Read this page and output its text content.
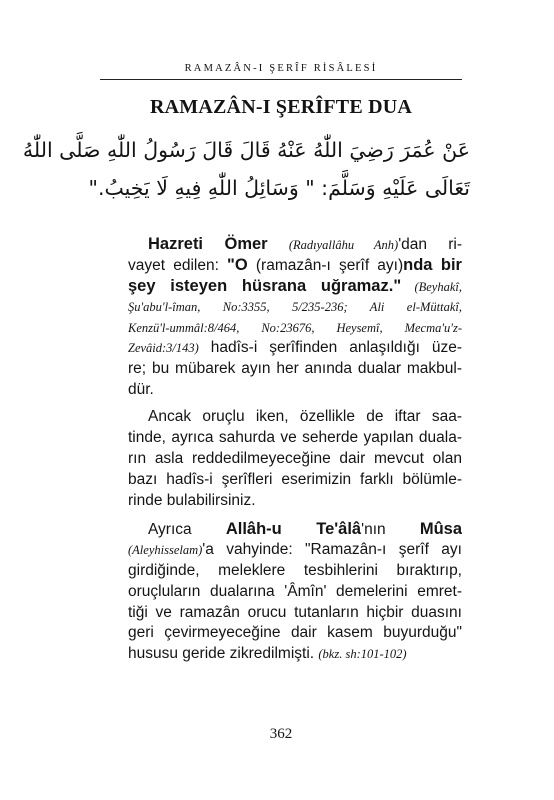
RAMAZÂN-I ŞERÎF RİSÂLESİ
RAMAZÂN-I ŞERÎFTE DUA
عَنْ عُمَرَ رَضِيَ اللّٰهُ عَنْهُ قَالَ قَالَ رَسُولُ اللّٰهِ صَلَّى اللّٰهُ
تَعَالَى عَلَيْهِ وَسَلَّمَ: " وَسَائِلُ اللّٰهِ فِيهِ لَا يَخِيبُ."
Hazreti Ömer (Radıyallâhu Anh)'dan ri-
vayet edilen: "O (ramazân-ı şerîf ayı)nda bir
şey isteyen hüsrana uğramaz." (Beyhakî,
Şu'abu'l-îman, No:3355, 5/235-236; Ali el-Müttakî,
Kenzü'l-ummâl:8/464, No:23676, Heysemî, Mecma'u'z-
Zevâid:3/143) hadîs-i şerîfinden anlaşıldığı üze-
re; bu mübarek ayın her anında dualar makbul-
dür.
Ancak oruçlu iken, özellikle de iftar saa-
tinde, ayrıca sahurda ve seherde yapılan duala-
rın asla reddedilmeyeceğine dair mevcut olan
bazı hadîs-i şerîfleri eserimizin farklı bölümle-
rinde bulabilirsiniz.
Ayrıca Allâh-u Te'âlâ'nın Mûsa
(Aleyhisselam)'a vahyinde: "Ramazân-ı şerîf ayı
girdiğinde, meleklere tesbihlerini bıraktırıp,
oruçluların dualarına 'Âmîn' demelerini emret-
tiği ve ramazân orucu tutanların hiçbir duasını
geri çevirmeyeceğine dair kasem buyurduğu"
hususu geride zikredilmişti. (bkz. sh:101-102)
362
